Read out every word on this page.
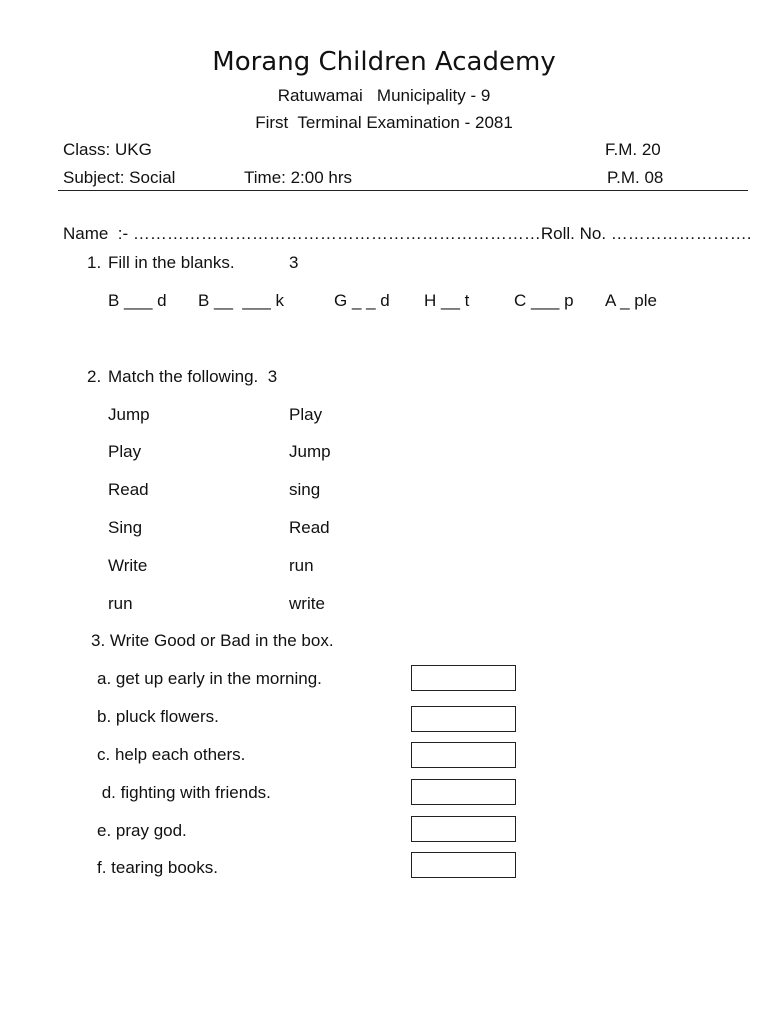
Morang Children Academy
Ratuwamai   Municipality - 9
First  Terminal Examination - 2081
Class: UKG	F.M. 20
Subject: Social	Time: 2:00 hrs	P.M. 08
Name  :- ………………………………………………………………Roll. No. …………………….
1. Fill in the blanks.	3
B ___ d B __  ___ k	G _ _ d H __ t	C ___ p A _ ple
2. Match the following.  3
Jump	Play
Play	Jump
Read	sing
Sing	Read
Write	run
run	write
3. Write Good or Bad in the box.
a. get up early in the morning.
b. pluck flowers.
c. help each others.
d. fighting with friends.
e. pray god.
f. tearing books.
